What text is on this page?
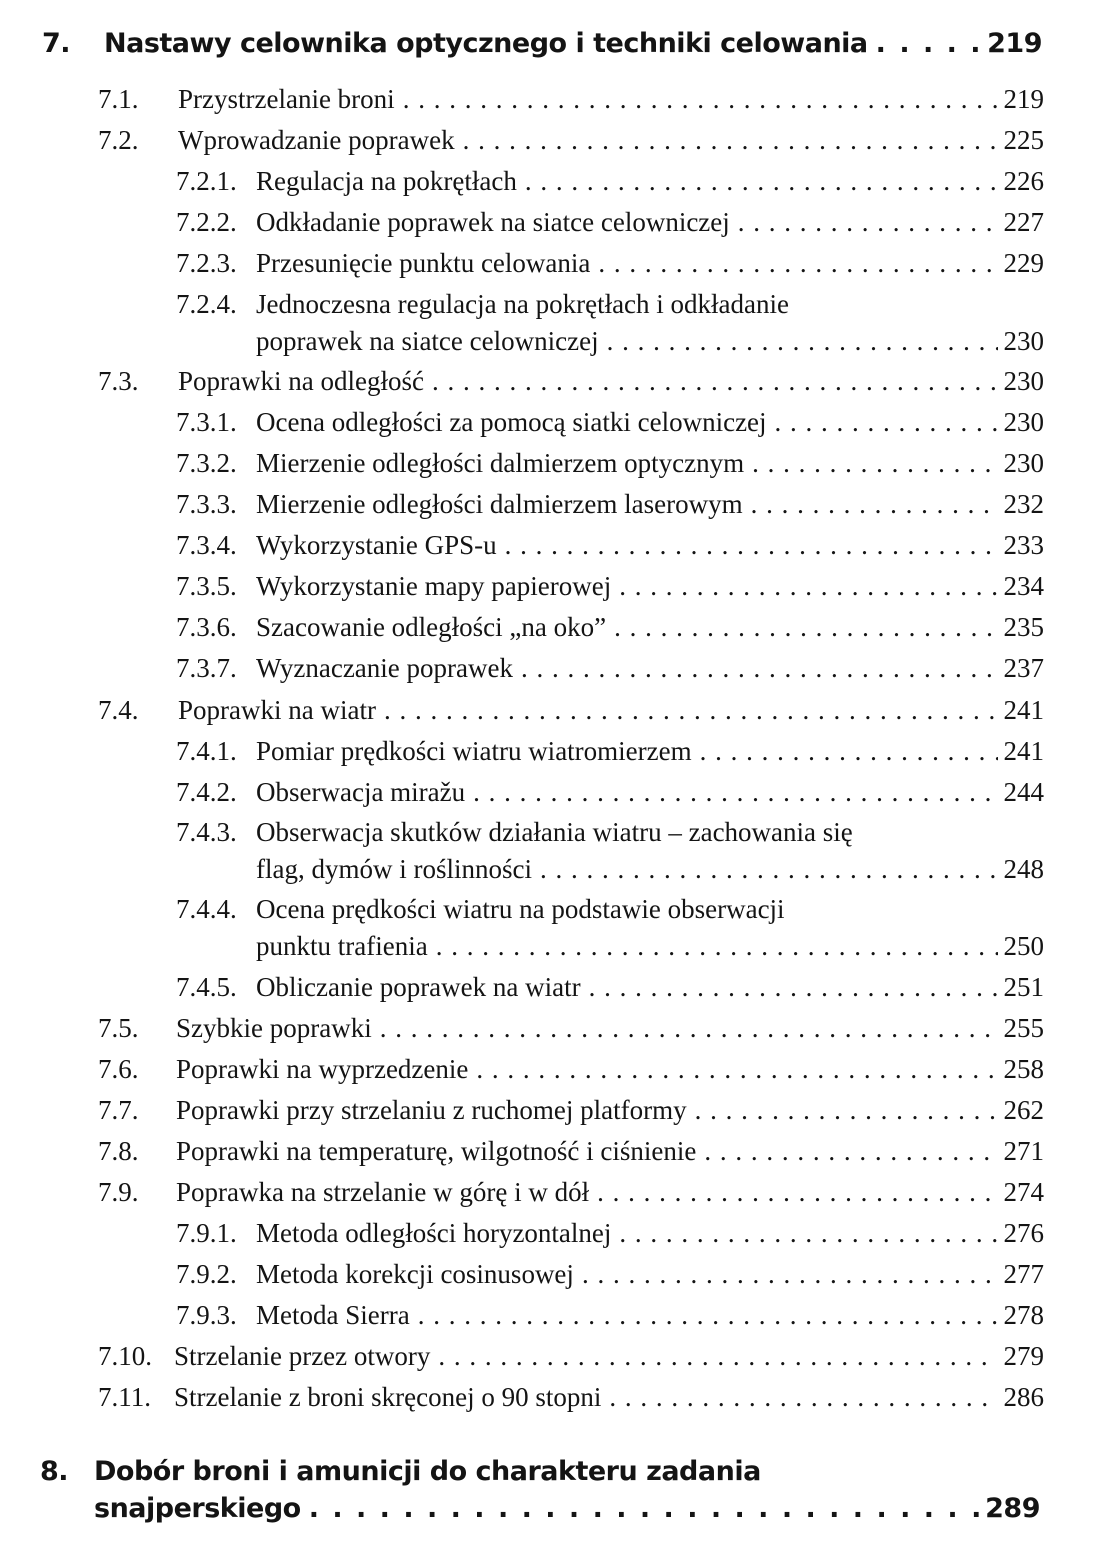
7.	Nastawy celownika optycznego i techniki celowania . . .	219
7.1.	Przystrzelanie broni . . .	219
7.2.	Wprowadzanie poprawek . . .	225
7.2.1. Regulacja na pokrętłach . . .	226
7.2.2. Odkładanie poprawek na siatce celowniczej . . .	227
7.2.3. Przesunięcie punktu celowania . . .	229
7.2.4. Jednoczesna regulacja na pokrętłach i odkładanie
poprawek na siatce celowniczej . . .	230
7.3.	Poprawki na odległość . . .	230
7.3.1. Ocena odległości za pomocą siatki celowniczej . . .	230
7.3.2. Mierzenie odległości dalmierzem optycznym . . .	230
7.3.3. Mierzenie odległości dalmierzem laserowym . . .	232
7.3.4. Wykorzystanie GPS-u . . .	233
7.3.5. Wykorzystanie mapy papierowej . . .	234
7.3.6. Szacowanie odległości „na oko” . . .	235
7.3.7. Wyznaczanie poprawek . . .	237
7.4.	Poprawki na wiatr . . .	241
7.4.1. Pomiar prędkości wiatru wiatromierzem . . .	241
7.4.2. Obserwacja miražu . . .	244
7.4.3. Obserwacja skutków działania wiatru – zachowania się
flag, dymów i roślinności . . .	248
7.4.4. Ocena prędkości wiatru na podstawie obserwacji
punktu trafienia . . .	250
7.4.5. Obliczanie poprawek na wiatr . . .	251
7.5.	Szybkie poprawki . . .	255
7.6.	Poprawki na wyprzedzenie . . .	258
7.7.	Poprawki przy strzelaniu z ruchomej platformy . . .	262
7.8.	Poprawki na temperaturę, wilgotność i ciśnienie . . .	271
7.9.	Poprawka na strzelanie w górę i w dół . . .	274
7.9.1. Metoda odległości horyzontalnej . . .	276
7.9.2. Metoda korekcji cosinusowej . . .	277
7.9.3. Metoda Sierra . . .	278
7.10. Strzelanie przez otwory . . .	279
7.11. Strzelanie z broni skręconej o 90 stopni . . .	286
8. Dobór broni i amunicji do charakteru zadania
snajperskiego . . .	289
